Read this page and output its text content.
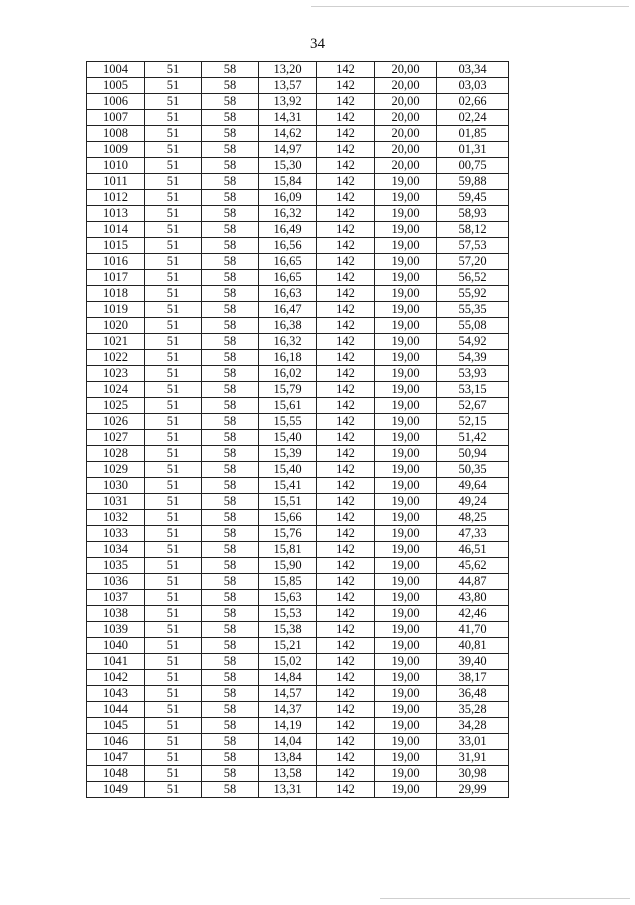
34
1004	51	58	13,20	142	20,00	03,34
1005	51	58	13,57	142	20,00	03,03
1006	51	58	13,92	142	20,00	02,66
1007	51	58	14,31	142	20,00	02,24
1008	51	58	14,62	142	20,00	01,85
1009	51	58	14,97	142	20,00	01,31
1010	51	58	15,30	142	20,00	00,75
1011	51	58	15,84	142	19,00	59,88
1012	51	58	16,09	142	19,00	59,45
1013	51	58	16,32	142	19,00	58,93
1014	51	58	16,49	142	19,00	58,12
1015	51	58	16,56	142	19,00	57,53
1016	51	58	16,65	142	19,00	57,20
1017	51	58	16,65	142	19,00	56,52
1018	51	58	16,63	142	19,00	55,92
1019	51	58	16,47	142	19,00	55,35
1020	51	58	16,38	142	19,00	55,08
1021	51	58	16,32	142	19,00	54,92
1022	51	58	16,18	142	19,00	54,39
1023	51	58	16,02	142	19,00	53,93
1024	51	58	15,79	142	19,00	53,15
1025	51	58	15,61	142	19,00	52,67
1026	51	58	15,55	142	19,00	52,15
1027	51	58	15,40	142	19,00	51,42
1028	51	58	15,39	142	19,00	50,94
1029	51	58	15,40	142	19,00	50,35
1030	51	58	15,41	142	19,00	49,64
1031	51	58	15,51	142	19,00	49,24
1032	51	58	15,66	142	19,00	48,25
1033	51	58	15,76	142	19,00	47,33
1034	51	58	15,81	142	19,00	46,51
1035	51	58	15,90	142	19,00	45,62
1036	51	58	15,85	142	19,00	44,87
1037	51	58	15,63	142	19,00	43,80
1038	51	58	15,53	142	19,00	42,46
1039	51	58	15,38	142	19,00	41,70
1040	51	58	15,21	142	19,00	40,81
1041	51	58	15,02	142	19,00	39,40
1042	51	58	14,84	142	19,00	38,17
1043	51	58	14,57	142	19,00	36,48
1044	51	58	14,37	142	19,00	35,28
1045	51	58	14,19	142	19,00	34,28
1046	51	58	14,04	142	19,00	33,01
1047	51	58	13,84	142	19,00	31,91
1048	51	58	13,58	142	19,00	30,98
1049	51	58	13,31	142	19,00	29,99
